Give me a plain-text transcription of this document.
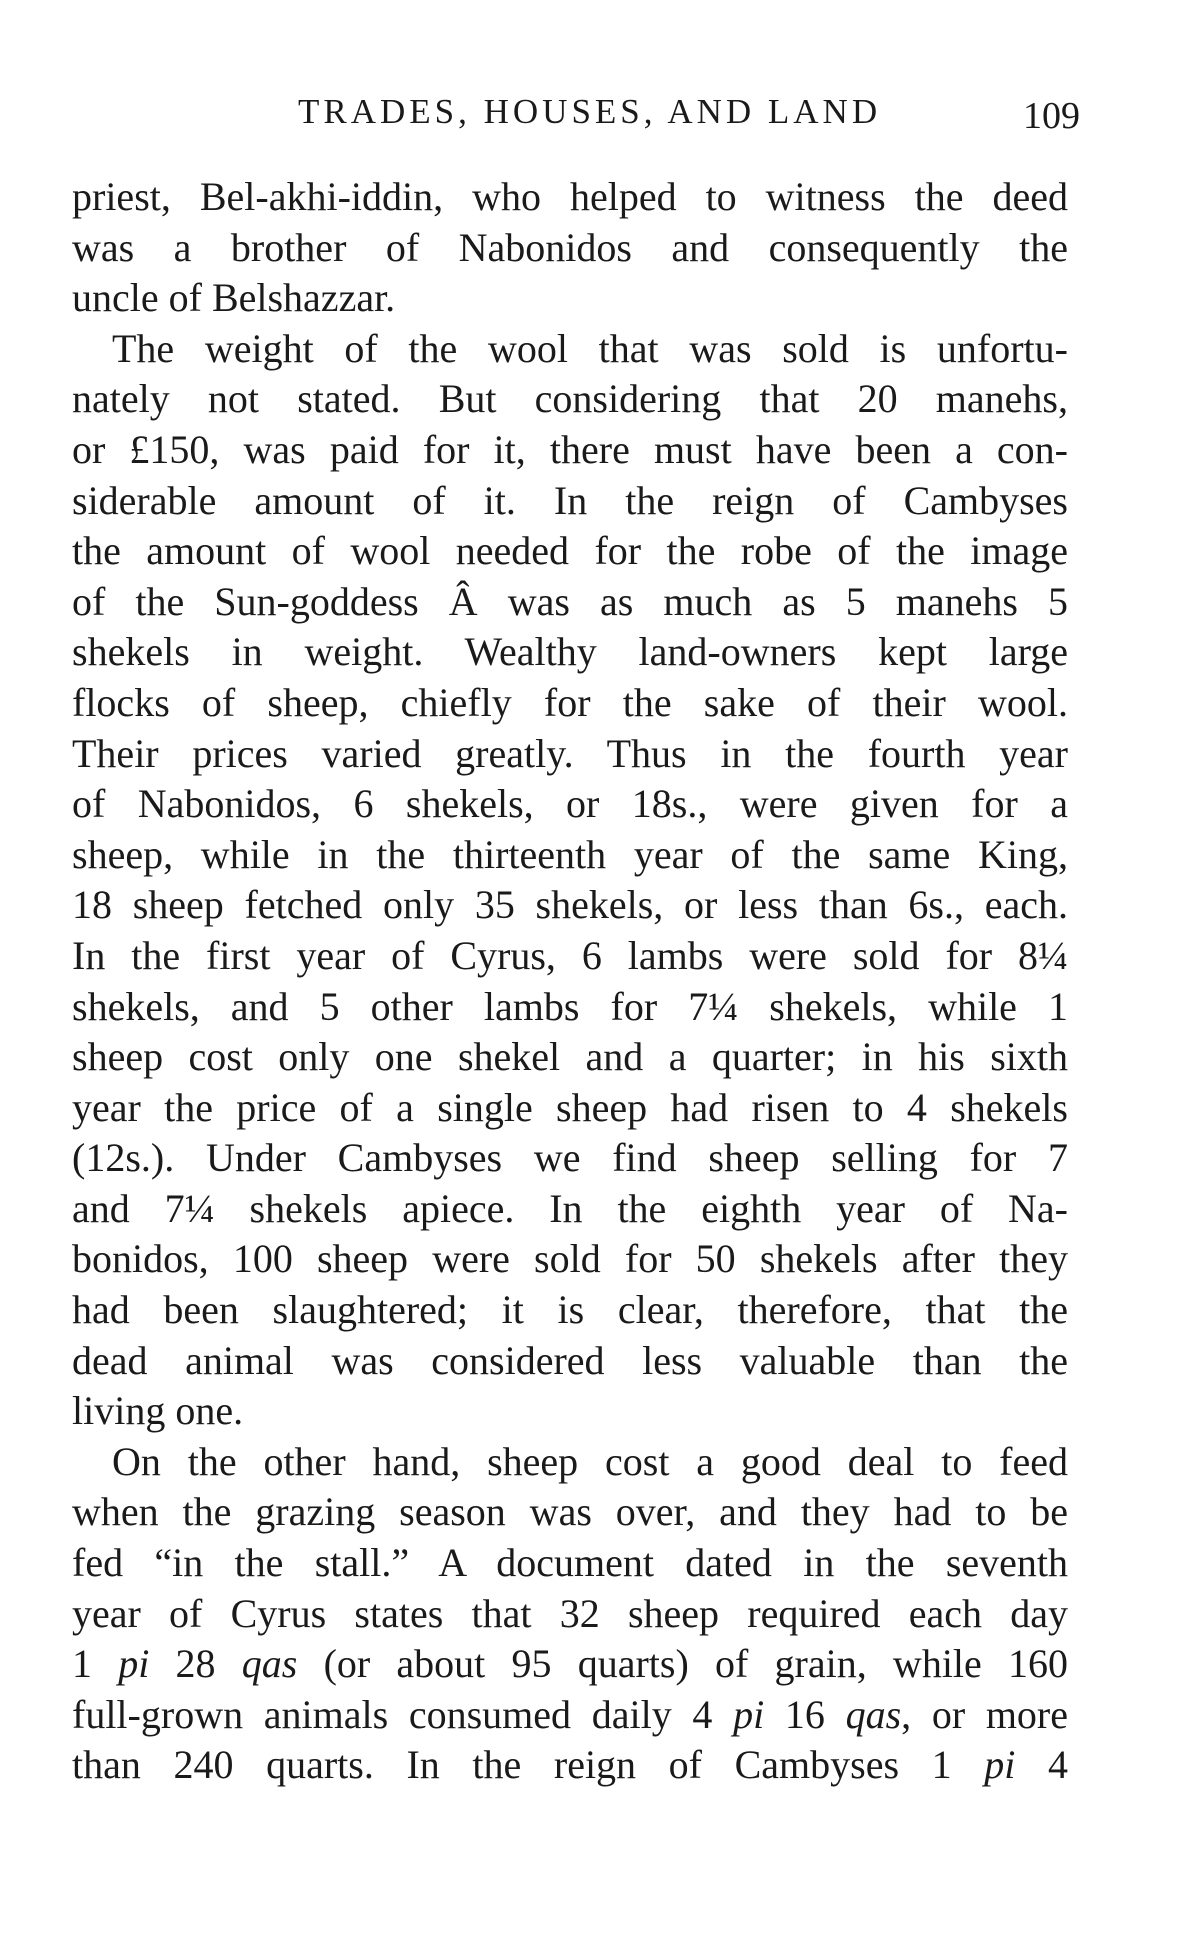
TRADES, HOUSES, AND LAND	109
priest, Bel-akhi-iddin, who helped to witness the deed
was a brother of Nabonidos and consequently the
uncle of Belshazzar.
The weight of the wool that was sold is unfortu-
nately not stated. But considering that 20 manehs,
or £150, was paid for it, there must have been a con-
siderable amount of it. In the reign of Cambyses
the amount of wool needed for the robe of the image
of the Sun-goddess Â was as much as 5 manehs 5
shekels in weight. Wealthy land-owners kept large
flocks of sheep, chiefly for the sake of their wool.
Their prices varied greatly. Thus in the fourth year
of Nabonidos, 6 shekels, or 18s., were given for a
sheep, while in the thirteenth year of the same King,
18 sheep fetched only 35 shekels, or less than 6s., each.
In the first year of Cyrus, 6 lambs were sold for 8¼
shekels, and 5 other lambs for 7¼ shekels, while 1
sheep cost only one shekel and a quarter; in his sixth
year the price of a single sheep had risen to 4 shekels
(12s.). Under Cambyses we find sheep selling for 7
and 7¼ shekels apiece. In the eighth year of Na-
bonidos, 100 sheep were sold for 50 shekels after they
had been slaughtered; it is clear, therefore, that the
dead animal was considered less valuable than the
living one.
On the other hand, sheep cost a good deal to feed
when the grazing season was over, and they had to be
fed “in the stall.” A document dated in the seventh
year of Cyrus states that 32 sheep required each day
1 pi 28 qas (or about 95 quarts) of grain, while 160
full-grown animals consumed daily 4 pi 16 qas, or more
than 240 quarts. In the reign of Cambyses 1 pi 4
